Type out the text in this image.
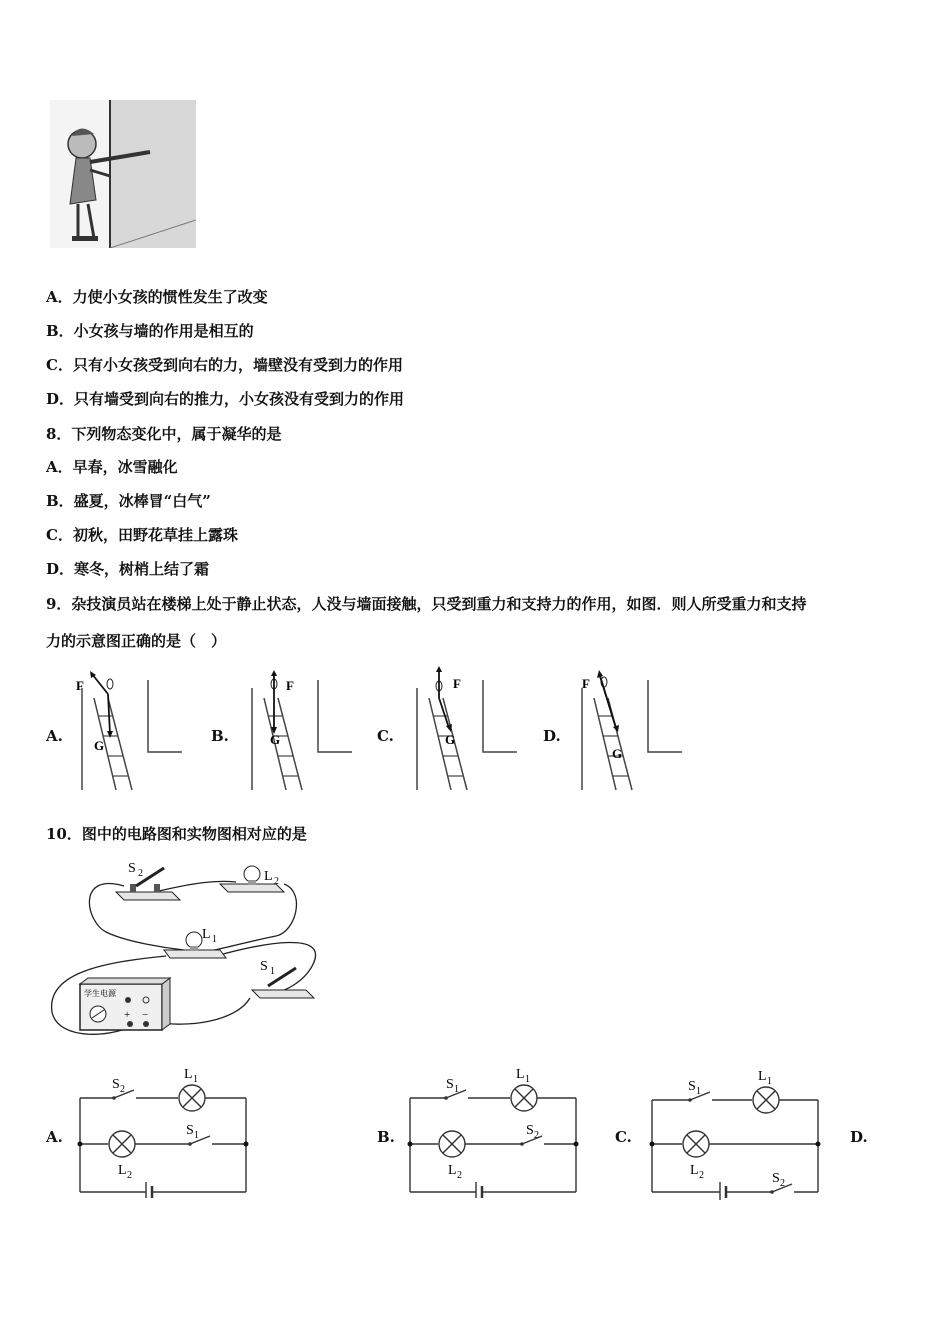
A．力使小女孩的惯性发生了改变
B．小女孩与墙的作用是相互的
C．只有小女孩受到向右的力，墙壁没有受到力的作用
D．只有墙受到向右的推力，小女孩没有受到力的作用
8．下列物态变化中，属于凝华的是
A．早春，冰雪融化
B．盛夏，冰棒冒“白气”
C．初秋，田野花草挂上露珠
D．寒冬，树梢上结了霜
9．杂技演员站在楼梯上处于静止状态，人没与墙面接触，只受到重力和支持力的作用，如图．则人所受重力和支持
力的示意图正确的是（　）
A.	B.	C.	D.
F
G
F
G
F
G
F
G
10．图中的电路图和实物图相对应的是
S 2	L 2
L 1
S 1
学生电源
+ −
A.	B.	C.	D.
S 2
L 1
S 1
L 2
S 1
L 1
S 2
L 2
S 1
L 1
L 2	S 2
